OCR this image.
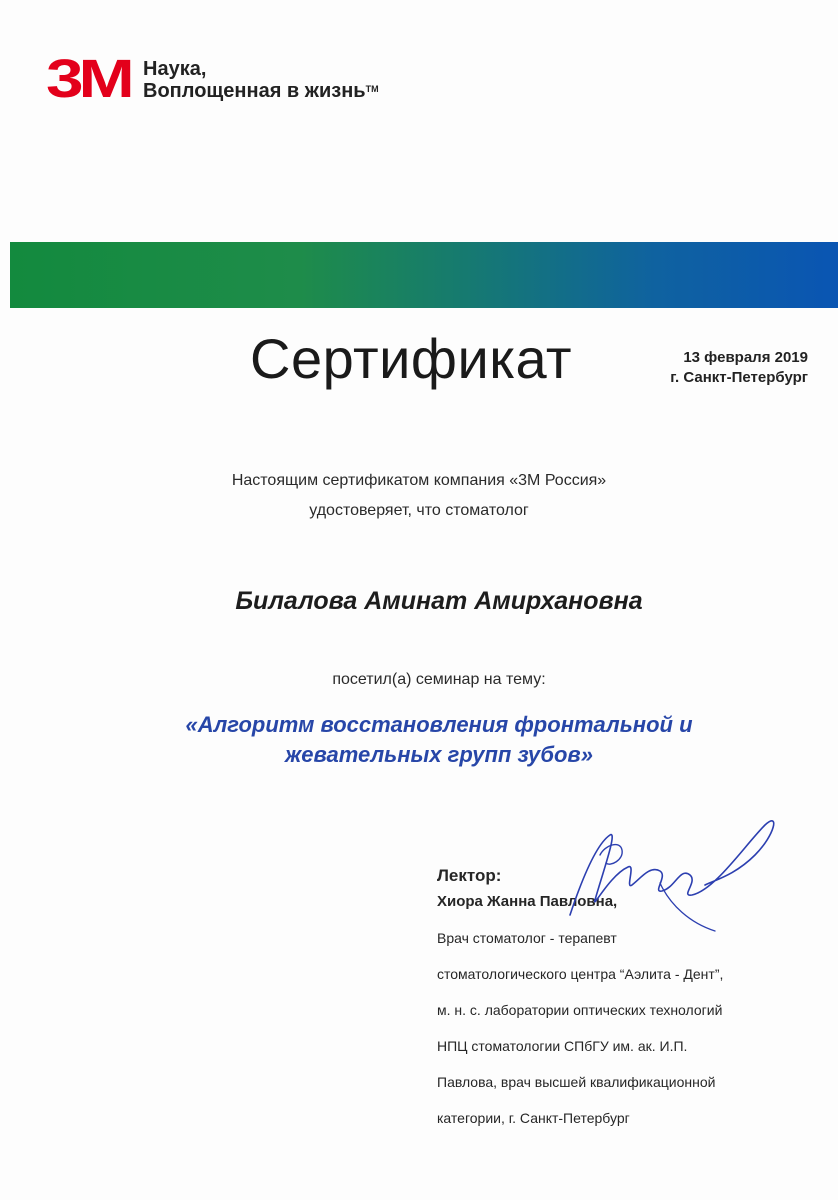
3M Наука,
Воплощенная в жизнь™
Сертификат	13 февраля 2019
г. Санкт-Петербург
Настоящим сертификатом компания «3М Россия»
удостоверяет, что стоматолог
Билалова Аминат Амирхановна
посетил(а) семинар на тему:
«Алгоритм восстановления фронтальной и
жевательных групп зубов»
Лектор:
Хиора Жанна Павловна,

Врач стоматолог - терапевт

стоматологического центра “Аэлита - Дент”,

м. н. с. лаборатории оптических технологий

НПЦ стоматологии СПбГУ им. ак. И.П.

Павлова, врач высшей квалификационной

категории, г. Санкт-Петербург
